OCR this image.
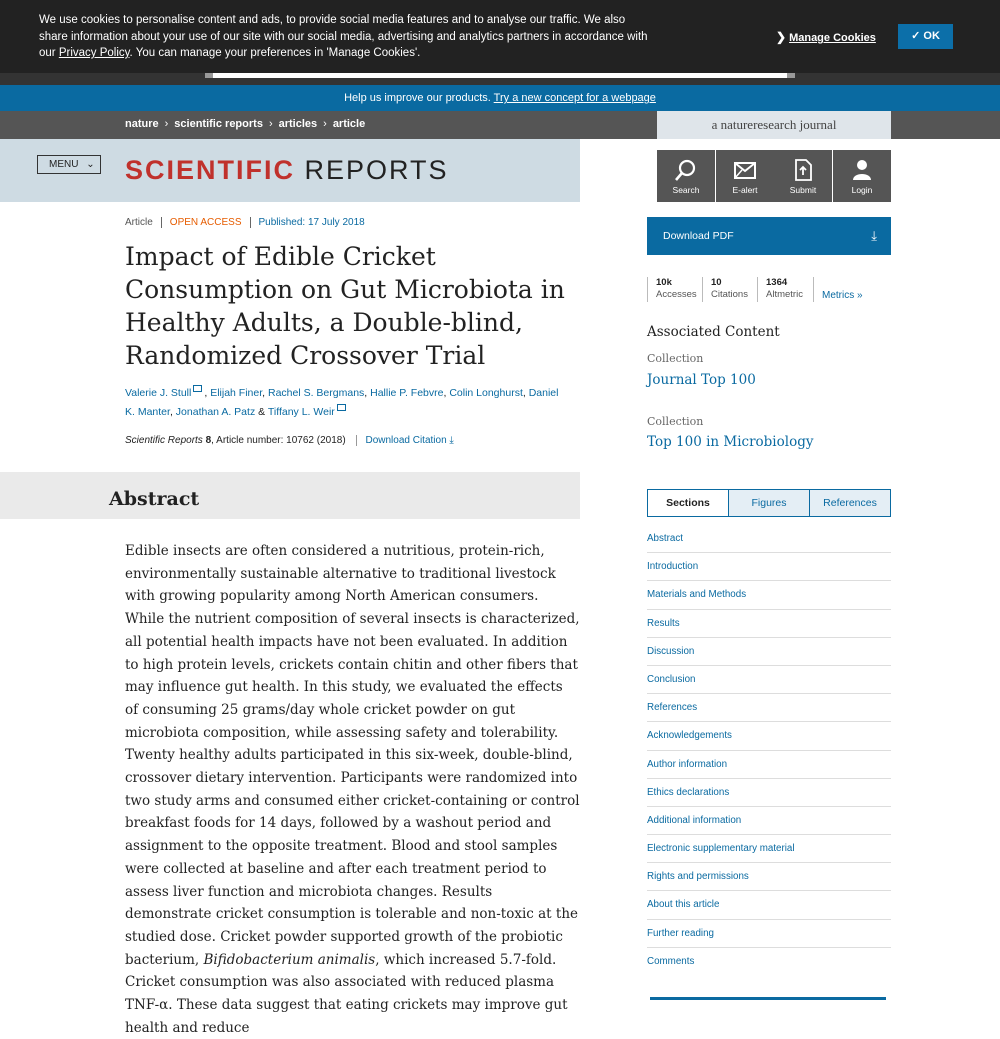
We use cookies to personalise content and ads, to provide social media features and to analyse our traffic. We also share information about your use of our site with our social media, advertising and analytics partners in accordance with our Privacy Policy. You can manage your preferences in 'Manage Cookies'.
❯ Manage Cookies	✓ OK
Help us improve our products. Try a new concept for a webpage
nature › scientific reports › articles › article	a natureresearch journal
MENU ⌄ SCIENTIFIC REPORTS
Search	E-alert	Submit	Login
Article OPEN ACCESS Published: 17 July 2018
Impact of Edible Cricket Consumption on Gut Microbiota in Healthy Adults, a Double-blind, Randomized Crossover Trial
Valerie J. Stull , Elijah Finer, Rachel S. Bergmans, Hallie P. Febvre, Colin Longhurst, Daniel K. Manter, Jonathan A. Patz & Tiffany L. Weir
Scientific Reports 8, Article number: 10762 (2018) Download Citation ⤓
Abstract
Edible insects are often considered a nutritious, protein-rich, environmentally sustainable alternative to traditional livestock with growing popularity among North American consumers. While the nutrient composition of several insects is characterized, all potential health impacts have not been evaluated. In addition to high protein levels, crickets contain chitin and other fibers that may influence gut health. In this study, we evaluated the effects of consuming 25 grams/day whole cricket powder on gut microbiota composition, while assessing safety and tolerability. Twenty healthy adults participated in this six-week, double-blind, crossover dietary intervention. Participants were randomized into two study arms and consumed either cricket-containing or control breakfast foods for 14 days, followed by a washout period and assignment to the opposite treatment. Blood and stool samples were collected at baseline and after each treatment period to assess liver function and microbiota changes. Results demonstrate cricket consumption is tolerable and non-toxic at the studied dose. Cricket powder supported growth of the probiotic bacterium, Bifidobacterium animalis, which increased 5.7-fold. Cricket consumption was also associated with reduced plasma TNF-α. These data suggest that eating crickets may improve gut health and reduce
Download PDF	⤓
10k
Accesses
10
Citations
1364
Altmetric Metrics »
Associated Content
Collection
Journal Top 100
Collection
Top 100 in Microbiology
Sections	Figures	References
Abstract
Introduction
Materials and Methods
Results
Discussion
Conclusion
References
Acknowledgements
Author information
Ethics declarations
Additional information
Electronic supplementary material
Rights and permissions
About this article
Further reading
Comments
